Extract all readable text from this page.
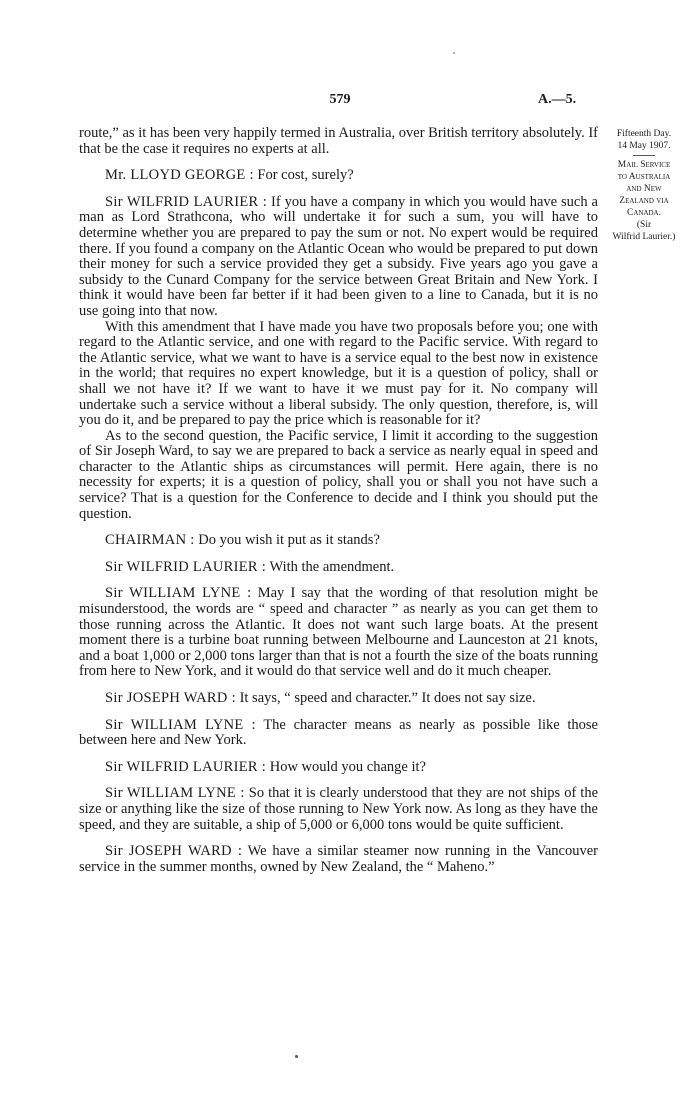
579	A.—5.
Fifteenth Day.
14 May 1907.
Mail Service
to Australia
and New
Zealand via
Canada.
(Sir
Wilfrid Laurier.)

route,” as it has been very happily termed in Australia, over British territory absolutely. If that be the case it requires no experts at all.

Mr. LLOYD GEORGE : For cost, surely?

Sir WILFRID LAURIER : If you have a company in which you would have such a man as Lord Strathcona, who will undertake it for such a sum, you will have to determine whether you are prepared to pay the sum or not. No expert would be required there. If you found a company on the Atlantic Ocean who would be prepared to put down their money for such a service provided they get a subsidy. Five years ago you gave a subsidy to the Cunard Company for the service between Great Britain and New York. I think it would have been far better if it had been given to a line to Canada, but it is no use going into that now.

With this amendment that I have made you have two proposals before you; one with regard to the Atlantic service, and one with regard to the Pacific service. With regard to the Atlantic service, what we want to have is a service equal to the best now in existence in the world; that requires no expert knowledge, but it is a question of policy, shall or shall we not have it? If we want to have it we must pay for it. No company will undertake such a service without a liberal subsidy. The only question, therefore, is, will you do it, and be prepared to pay the price which is reasonable for it?

As to the second question, the Pacific service, I limit it according to the suggestion of Sir Joseph Ward, to say we are prepared to back a service as nearly equal in speed and character to the Atlantic ships as circumstances will permit. Here again, there is no necessity for experts; it is a question of policy, shall you or shall you not have such a service? That is a question for the Conference to decide and I think you should put the question.

CHAIRMAN : Do you wish it put as it stands?

Sir WILFRID LAURIER : With the amendment.

Sir WILLIAM LYNE : May I say that the wording of that resolution might be misunderstood, the words are “ speed and character ” as nearly as you can get them to those running across the Atlantic. It does not want such large boats. At the present moment there is a turbine boat running between Melbourne and Launceston at 21 knots, and a boat 1,000 or 2,000 tons larger than that is not a fourth the size of the boats running from here to New York, and it would do that service well and do it much cheaper.

Sir JOSEPH WARD : It says, “ speed and character.” It does not say size.

Sir WILLIAM LYNE : The character means as nearly as possible like those between here and New York.

Sir WILFRID LAURIER : How would you change it?

Sir WILLIAM LYNE : So that it is clearly understood that they are not ships of the size or anything like the size of those running to New York now. As long as they have the speed, and they are suitable, a ship of 5,000 or 6,000 tons would be quite sufficient.

Sir JOSEPH WARD : We have a similar steamer now running in the Vancouver service in the summer months, owned by New Zealand, the “ Maheno.”
